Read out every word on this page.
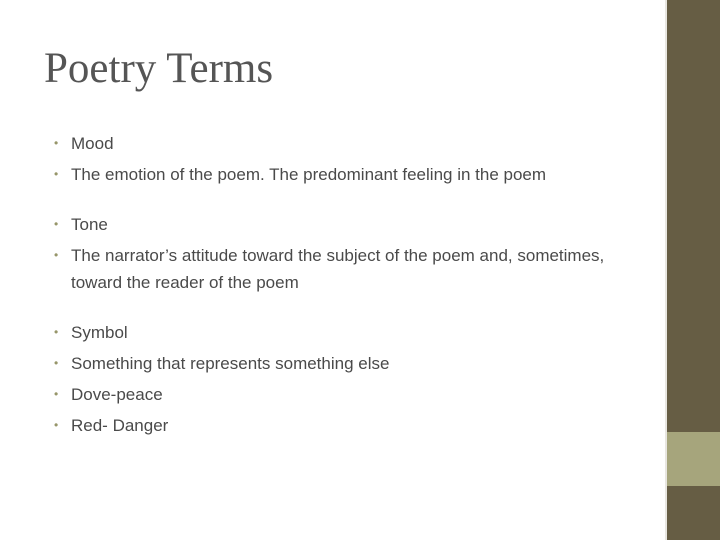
Poetry Terms
• Mood
• The emotion of the poem. The predominant feeling in the poem
• Tone
• The narrator’s attitude toward the subject of the poem and, sometimes, toward the reader of the poem
• Symbol
• Something that represents something else
• Dove-peace
• Red- Danger
